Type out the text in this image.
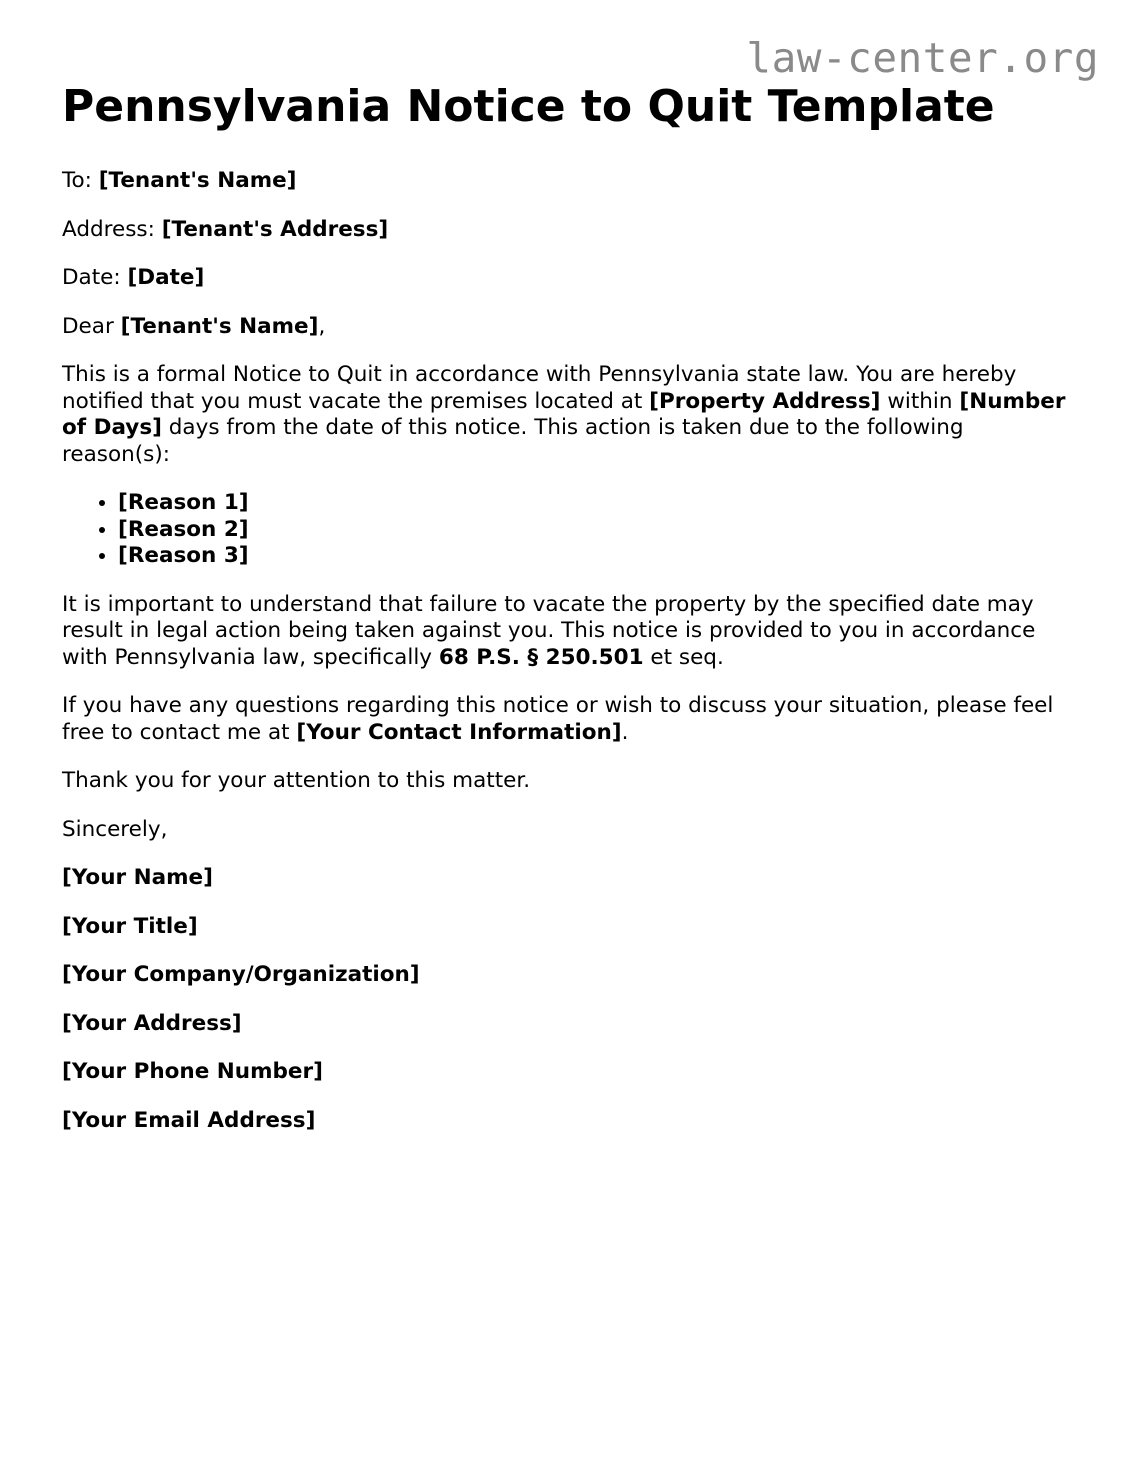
law-center.org
Pennsylvania Notice to Quit Template

To: [Tenant's Name]

Address: [Tenant's Address]

Date: [Date]

Dear [Tenant's Name],

This is a formal Notice to Quit in accordance with Pennsylvania state law. You are hereby notified that you must vacate the premises located at [Property Address] within [Number of Days] days from the date of this notice. This action is taken due to the following reason(s):

• [Reason 1]
• [Reason 2]
• [Reason 3]

It is important to understand that failure to vacate the property by the specified date may result in legal action being taken against you. This notice is provided to you in accordance with Pennsylvania law, specifically 68 P.S. § 250.501 et seq.

If you have any questions regarding this notice or wish to discuss your situation, please feel free to contact me at [Your Contact Information].

Thank you for your attention to this matter.

Sincerely,

[Your Name]

[Your Title]

[Your Company/Organization]

[Your Address]

[Your Phone Number]

[Your Email Address]
